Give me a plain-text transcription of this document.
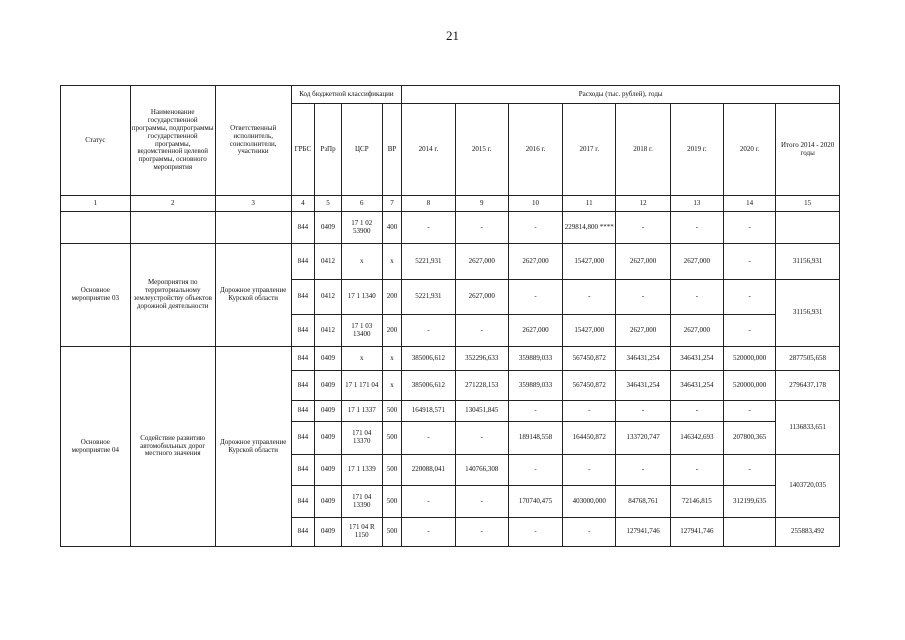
21
Статус	Наименование государственной программы, подпрограммы государственной программы, ведомственной целевой программы, основного мероприятия	Ответственный исполнитель, соисполнители, участники	Код бюджетной классификации				Расходы (тыс. рублей), годы							
			ГРБС	РзПр	ЦСР	ВР	2014 г.	2015 г.	2016 г.	2017 г.	2018 г.	2019 г.	2020 г.	Итого 2014 - 2020 годы
1	2	3	4	5	6	7	8	9	10	11	12	13	14	15
			844	0409	17 1 02 53900	400	-	-	-	229814,800 ****	-	-	-	
Основное мероприятие 03	Мероприятия по территориальному землеустройству объектов дорожной деятельности	Дорожное управление Курской области	844	0412	х	х	5221,931	2627,000	2627,000	15427,000	2627,000	2627,000	-	31156,931
			844	0412	17 1 1340	200	5221,931	2627,000	-	-	-	-	-	31156,931
			844	0412	17 1 03 13400	200	-	-	2627,000	15427,000	2627,000	2627,000	-	
Основное мероприятие 04	Содействие развитию автомобильных дорог местного значения	Дорожное управление Курской области	844	0409	х	х	385006,612	352296,633	359889,033	567450,872	346431,254	346431,254	520000,000	2877505,658
			844	0409	17 1 171 04	х	385006,612	271228,153	359889,033	567450,872	346431,254	346431,254	520000,000	2796437,178
			844	0409	17 1 1337	500	164918,571	130451,845	-	-	-	-	-	1136833,651
			844	0409	171 04 13370	500	-	-	189148,558	164450,872	133720,747	146342,693	207800,365	
			844	0409	17 1 1339	500	220088,041	140766,308	-	-	-	-	-	1403720,035
			844	0409	171 04 13390	500	-	-	170740,475	403000,000	84768,761	72146,815	312199,635	
			844	0409	171 04 R 1150	500	-	-	-	-	127941,746	127941,746		255883,492
